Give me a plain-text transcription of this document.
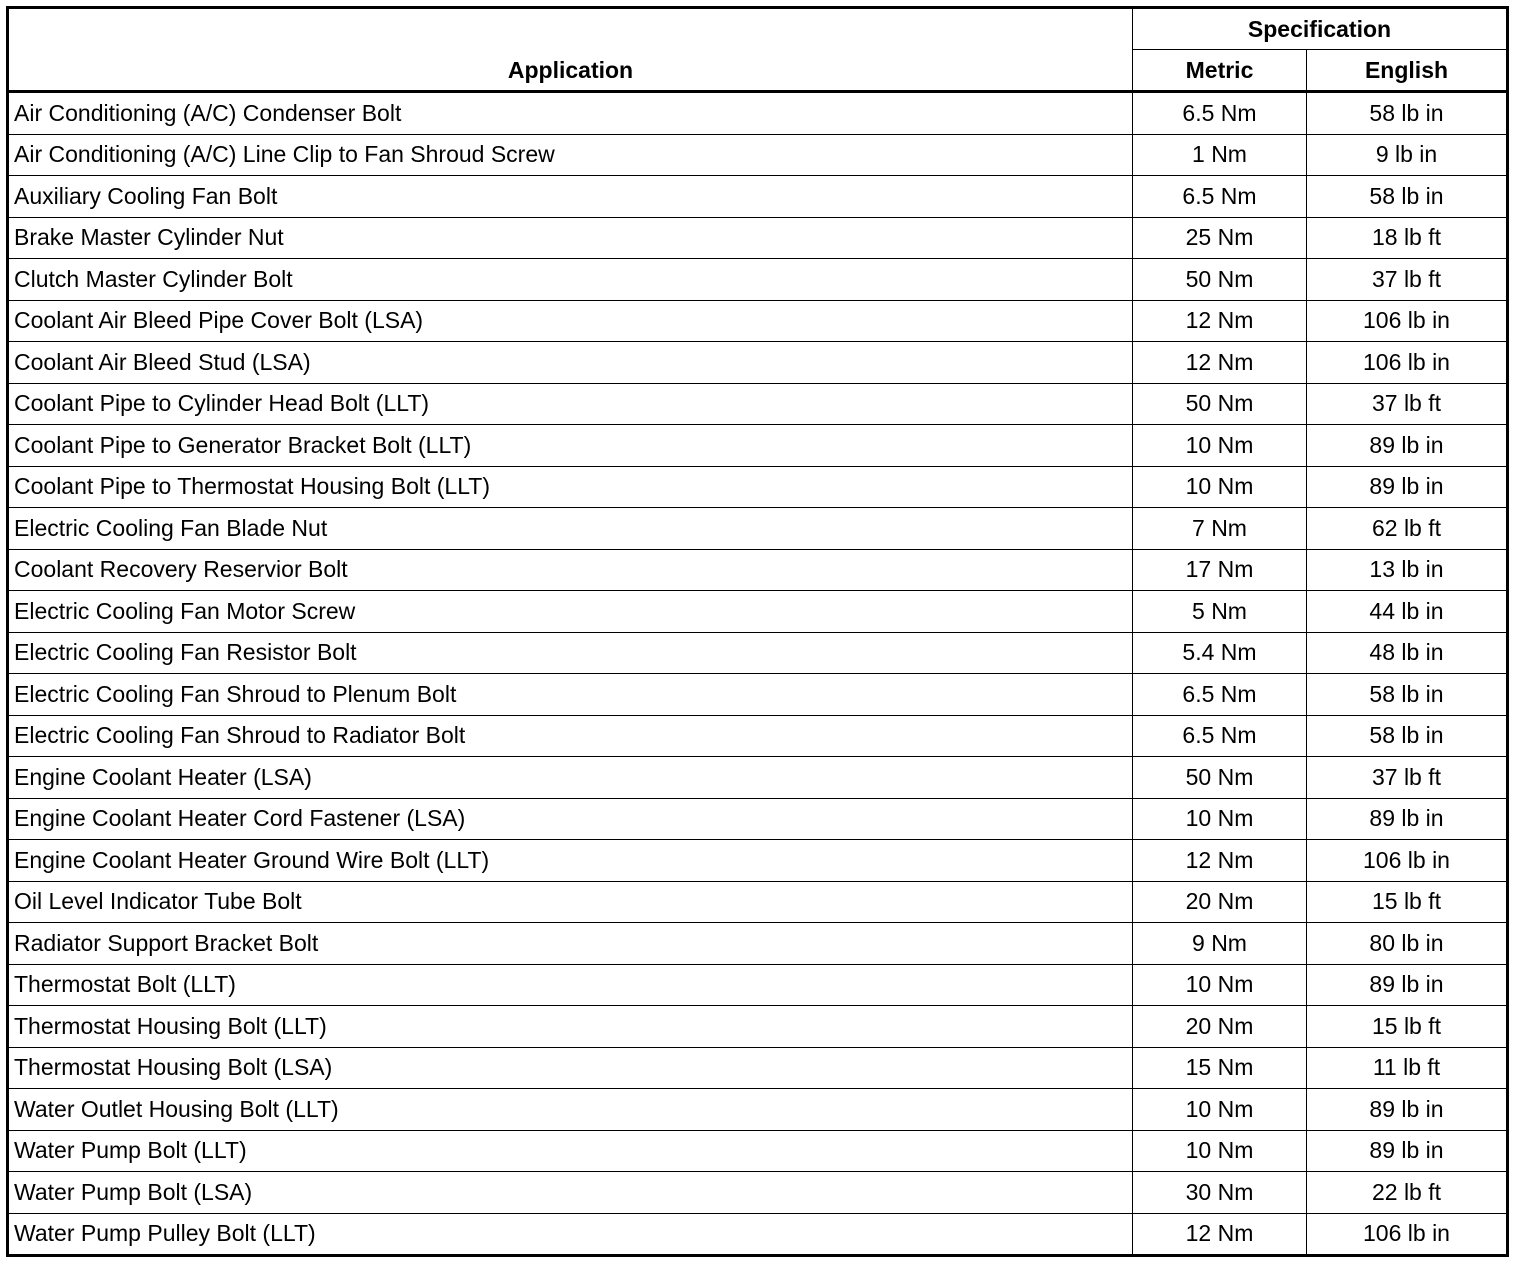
Application	Specification	
	Metric	English
Air Conditioning (A/C) Condenser Bolt	6.5 Nm	58 lb in
Air Conditioning (A/C) Line Clip to Fan Shroud Screw	1 Nm	9 lb in
Auxiliary Cooling Fan Bolt	6.5 Nm	58 lb in
Brake Master Cylinder Nut	25 Nm	18 lb ft
Clutch Master Cylinder Bolt	50 Nm	37 lb ft
Coolant Air Bleed Pipe Cover Bolt (LSA)	12 Nm	106 lb in
Coolant Air Bleed Stud (LSA)	12 Nm	106 lb in
Coolant Pipe to Cylinder Head Bolt (LLT)	50 Nm	37 lb ft
Coolant Pipe to Generator Bracket Bolt (LLT)	10 Nm	89 lb in
Coolant Pipe to Thermostat Housing Bolt (LLT)	10 Nm	89 lb in
Electric Cooling Fan Blade Nut	7 Nm	62 lb ft
Coolant Recovery Reservior Bolt	17 Nm	13 lb in
Electric Cooling Fan Motor Screw	5 Nm	44 lb in
Electric Cooling Fan Resistor Bolt	5.4 Nm	48 lb in
Electric Cooling Fan Shroud to Plenum Bolt	6.5 Nm	58 lb in
Electric Cooling Fan Shroud to Radiator Bolt	6.5 Nm	58 lb in
Engine Coolant Heater (LSA)	50 Nm	37 lb ft
Engine Coolant Heater Cord Fastener (LSA)	10 Nm	89 lb in
Engine Coolant Heater Ground Wire Bolt (LLT)	12 Nm	106 lb in
Oil Level Indicator Tube Bolt	20 Nm	15 lb ft
Radiator Support Bracket Bolt	9 Nm	80 lb in
Thermostat Bolt (LLT)	10 Nm	89 lb in
Thermostat Housing Bolt (LLT)	20 Nm	15 lb ft
Thermostat Housing Bolt (LSA)	15 Nm	11 lb ft
Water Outlet Housing Bolt (LLT)	10 Nm	89 lb in
Water Pump Bolt (LLT)	10 Nm	89 lb in
Water Pump Bolt (LSA)	30 Nm	22 lb ft
Water Pump Pulley Bolt (LLT)	12 Nm	106 lb in
